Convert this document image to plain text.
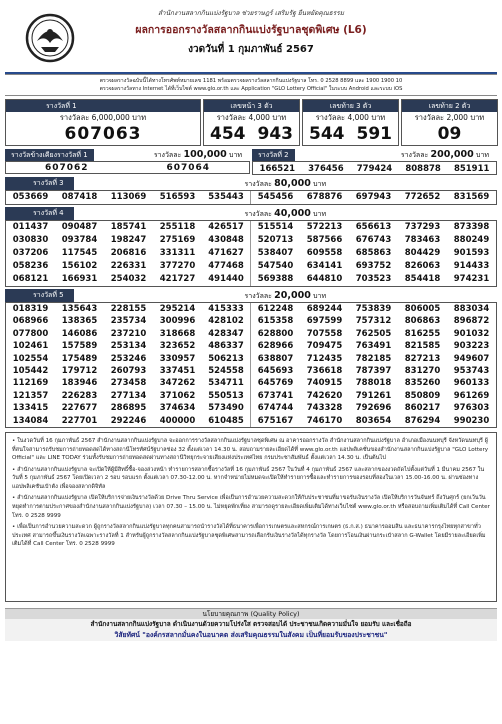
สำนักงานสลากกินแบ่งรัฐบาล ช่วยราษฎร์ เสริมรัฐ ยืนหยัดคุณธรรม
ผลการออกรางวัลสลากกินแบ่งรัฐบาลชุดพิเศษ (L6)
งวดวันที่ 1 กุมภาพันธ์ 2567
ตรวจผลรางวัลฉบับนี้ได้ทางโทรศัพท์หมายเลข 1181 พร้อมตรวจผลรางวัลสลากกินแบ่งรัฐบาล โทร. 0 2528 8899 และ 1900 1900 10
ตรวจผลรางวัลทาง Internet ได้ที่เว็บไซต์ www.glo.or.th และ Application "GLO Lottery Official" ในระบบ Android และระบบ iOS
รางวัลที่ 1
รางวัลละ 6,000,000 บาท
607063
เลขหน้า 3 ตัว
รางวัลละ 4,000 บาท
454 943
เลขท้าย 3 ตัว
รางวัลละ 4,000 บาท
544 591
เลขท้าย 2 ตัว
รางวัลละ 2,000 บาท
09
รางวัลข้างเคียงรางวัลที่ 1	รางวัลละ 100,000 บาท
607062	607064
รางวัลที่ 2	รางวัลละ 200,000 บาท
166521	376456	779424	808878	851911
รางวัลที่ 3	รางวัลละ 80,000 บาท
053669	087418	113069	516593	535443	545456	678876	697943	772652	831569
รางวัลที่ 4	รางวัลละ 40,000 บาท
011437	090487	185741	255118	426517	515514	572213	656613	737293	873398
030830	093784	198247	275169	430848	520713	587566	676743	783463	880249
037206	117545	206816	331311	471627	538407	609558	685863	804429	901593
058236	156102	226331	377270	477468	547540	634141	693752	826063	914433
068121	166931	254032	421727	491440	569388	644810	703523	854418	974231
รางวัลที่ 5	รางวัลละ 20,000 บาท
018319	135643	228155	295214	415333	612248	689244	753839	806005	883034
068966	138365	235734	300996	428102	615358	697599	757312	806863	896872
077800	146086	237210	318668	428347	628800	707558	762505	816255	901032
102461	157589	253134	323652	486337	628966	709475	763491	821585	903223
102554	175489	253246	330957	506213	638807	712435	782185	827213	949607
105442	179712	260793	337451	524558	645693	736618	787397	831270	953743
112169	183946	273458	347262	534711	645769	740915	788018	835260	960133
121357	226283	277134	371062	550513	673741	742620	791261	850809	961269
133415	227677	286895	374634	573490	674744	743328	792696	860217	976303
134084	227701	292246	400000	610485	675167	746170	803654	876294	990230

• ในงวดวันที่ 16 กุมภาพันธ์ 2567 สำนักงานสลากกินแบ่งรัฐบาล จะออกการรางวัลสลากกินแบ่งรัฐบาลชุดพิเศษ ณ อาคารออกรางวัล สำนักงานสลากกินแบ่งรัฐบาล อำเภอเมืองนนทบุรี จังหวัดนนทบุรี ผู้ที่สนใจสามารถรับชมการถ่ายทอดสดได้ทางสถานีโทรทัศน์รัฐบาลช่อง 32 ตั้งแต่เวลา 14.30 น. สอบถามรายละเอียดได้ที่ www.glo.or.th แอปพลิเคชั่นของสำนักงานสลากกินแบ่งรัฐบาล "GLO Lottery Official" และ LINE TODAY ร่วมทั้งรับชมการถ่ายทอดสดผ่านทางสถานีวิทยุกระจายเสียงแห่งประเทศไทย กรมประชาสัมพันธ์ ตั้งแต่เวลา 14.30 น. เป็นต้นไป

• สำนักงานสลากกินแบ่งรัฐบาล จะเปิดให้ผู้มีสิทธิ์ซื้อ-จองล่วงหน้า ทำรายการสลากซื้อรางวัลที่ 16 กุมภาพันธ์ 2567 ในวันที่ 4 กุมภาพันธ์ 2567 และสลากของงวดถัดไปตั้งแต่วันที่ 1 มีนาคม 2567 ในวันที่ 5 กุมภาพันธ์ 2567 โดยเปิดเวลา 2 รอบ รอบแรก ตั้งแต่เวลา 07.30-12.00 น. หากจำหน่ายไม่หมดจะเปิดให้ทำรายการซื้อและทำรายการของรอบที่สองในเวลา 15.00-16.00 น. ผ่านช่องทางแอปพลิเคชันเป๋าตัง เพื่อจองสลากดิจิทัล

• สำนักงานสลากกินแบ่งรัฐบาล เปิดให้บริการจ่ายเงินรางวัลด้วย Drive Thru Service เพื่อเป็นการอำนวยความสะดวกให้กับประชาชนที่มาขอรับเงินรางวัล เปิดให้บริการวันจันทร์ ถึงวันศุกร์ (ยกเว้นวันหยุดทำการตามประกาศของสำนักงานสลากกินแบ่งรัฐบาล) เวลา 07.30 – 15.00 น. ไม่หยุดพักเที่ยง สามารถดูรายละเอียดเพิ่มเติมได้ทางเว็บไซต์ www.glo.or.th หรือสอบถามเพิ่มเติมได้ที่ Call Center โทร. 0 2528 9999

• เพื่อเป็นการอำนวยความสะดวก ผู้ถูกรางวัลสลากกินแบ่งรัฐบาลทุกคนสามารถนำรางวัลได้ที่ธนาคารเพื่อการเกษตรและสหกรณ์การเกษตร (ธ.ก.ส.) ธนาคารออมสิน และธนาคารกรุงไทยทุกสาขาทั่วประเทศ สามารถขึ้นเงินรางวัลเฉพาะรางวัลที่ 1 สำหรับผู้ถูกรางวัลสลากกินแบ่งรัฐบาลชุดพิเศษสามารถเลือกรับเงินรางวัลได้ทุกรางวัล โดยการโอนเงินผ่านกระเป๋าสลาก G-Wallet โดยมีรายละเอียดเพิ่มเติมได้ที่ Call Center โทร. 0 2528 9999

นโยบายคุณภาพ (Quality Policy)
สำนักงานสลากกินแบ่งรัฐบาล ดำเนินงานด้วยความโปร่งใส ตรวจสอบได้ ประชาชนเกิดความมั่นใจ ยอมรับ และเชื่อถือ
วิสัยทัศน์ "องค์กรสลากมั่นคงในอนาคต ส่งเสริมคุณธรรมในสังคม เป็นที่ยอมรับของประชาชน"
